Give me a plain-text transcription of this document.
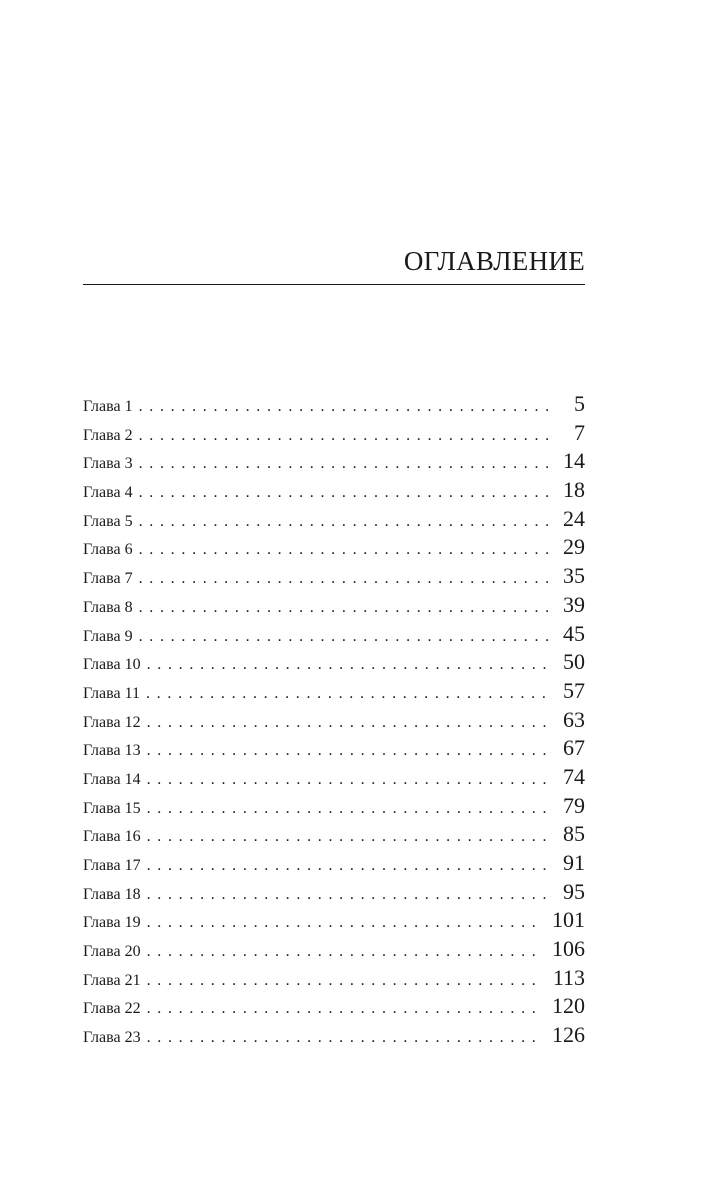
ОГЛАВЛЕНИЕ
Глава 1 . . .	5
Глава 2 . . .	7
Глава 3 . . .	14
Глава 4 . . .	18
Глава 5 . . .	24
Глава 6 . . .	29
Глава 7 . . .	35
Глава 8 . . .	39
Глава 9 . . .	45
Глава 10 . . .	50
Глава 11 . . .	57
Глава 12 . . .	63
Глава 13 . . .	67
Глава 14 . . .	74
Глава 15 . . .	79
Глава 16 . . .	85
Глава 17 . . .	91
Глава 18 . . .	95
Глава 19 . . .	101
Глава 20 . . .	106
Глава 21 . . .	113
Глава 22 . . .	120
Глава 23 . . .	126
